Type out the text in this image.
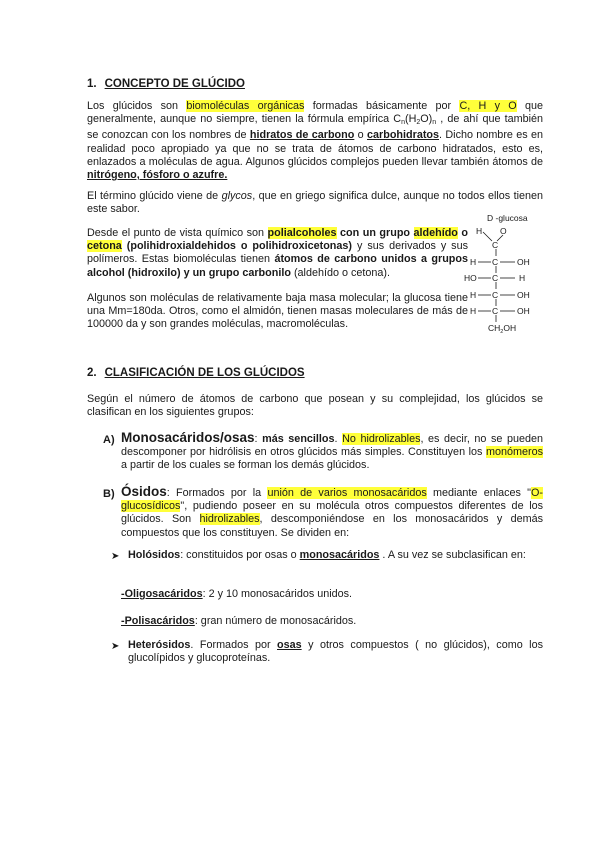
1. CONCEPTO DE GLÚCIDO
Los glúcidos son biomoléculas orgánicas formadas básicamente por C, H y O que generalmente, aunque no siempre, tienen la fórmula empírica $C_n(H_2O)_n$ , de ahí que también se conozcan con los nombres de hidratos de carbono o carbohidratos. Dicho nombre es en realidad poco apropiado ya que no se trata de átomos de carbono hidratados, esto es, enlazados a moléculas de agua. Algunos glúcidos complejos pueden llevar también átomos de nitrógeno, fósforo o azufre.
El término glúcido viene de glycos, que en griego significa dulce, aunque no todos ellos tienen este sabor.
Desde el punto de vista químico son polialcoholes con un grupo aldehído o cetona (polihidroxialdehidos o polihidroxicetonas) y sus derivados y sus polímeros. Estas biomoléculas tienen átomos de carbono unidos a grupos alcohol (hidroxilo) y un grupo carbonilo (aldehído o cetona).
Algunos son moléculas de relativamente baja masa molecular; la glucosa tiene una Mm=180da. Otros, como el almidón, tienen masas moleculares de más de 100000 da y son grandes moléculas, macromoléculas.
D -glucosa
H O
C
H C OH
HO C H
H C OH
H C OH
$CH_2OH$
2. CLASIFICACIÓN DE LOS GLÚCIDOS
Según el número de átomos de carbono que posean y su complejidad, los glúcidos se clasifican en los siguientes grupos:
A) Monosacáridos/osas: más sencillos. No hidrolizables, es decir, no se pueden descomponer por hidrólisis en otros glúcidos más simples. Constituyen los monómeros a partir de los cuales se forman los demás glúcidos.
B) Ósidos: Formados por la unión de varios monosacáridos mediante enlaces "O-glucosídicos", pudiendo poseer en su molécula otros compuestos diferentes de los glúcidos. Son hidrolizables, descomponiéndose en los monosacáridos y demás compuestos que los constituyen. Se dividen en:
➤ Holósidos: constituidos por osas o monosacáridos . A su vez se subclasifican en:
-Oligosacáridos: 2 y 10 monosacáridos unidos.
-Polisacáridos: gran número de monosacáridos.
➤ Heterósidos. Formados por osas y otros compuestos ( no glúcidos), como los glucolípidos y glucoproteínas.
